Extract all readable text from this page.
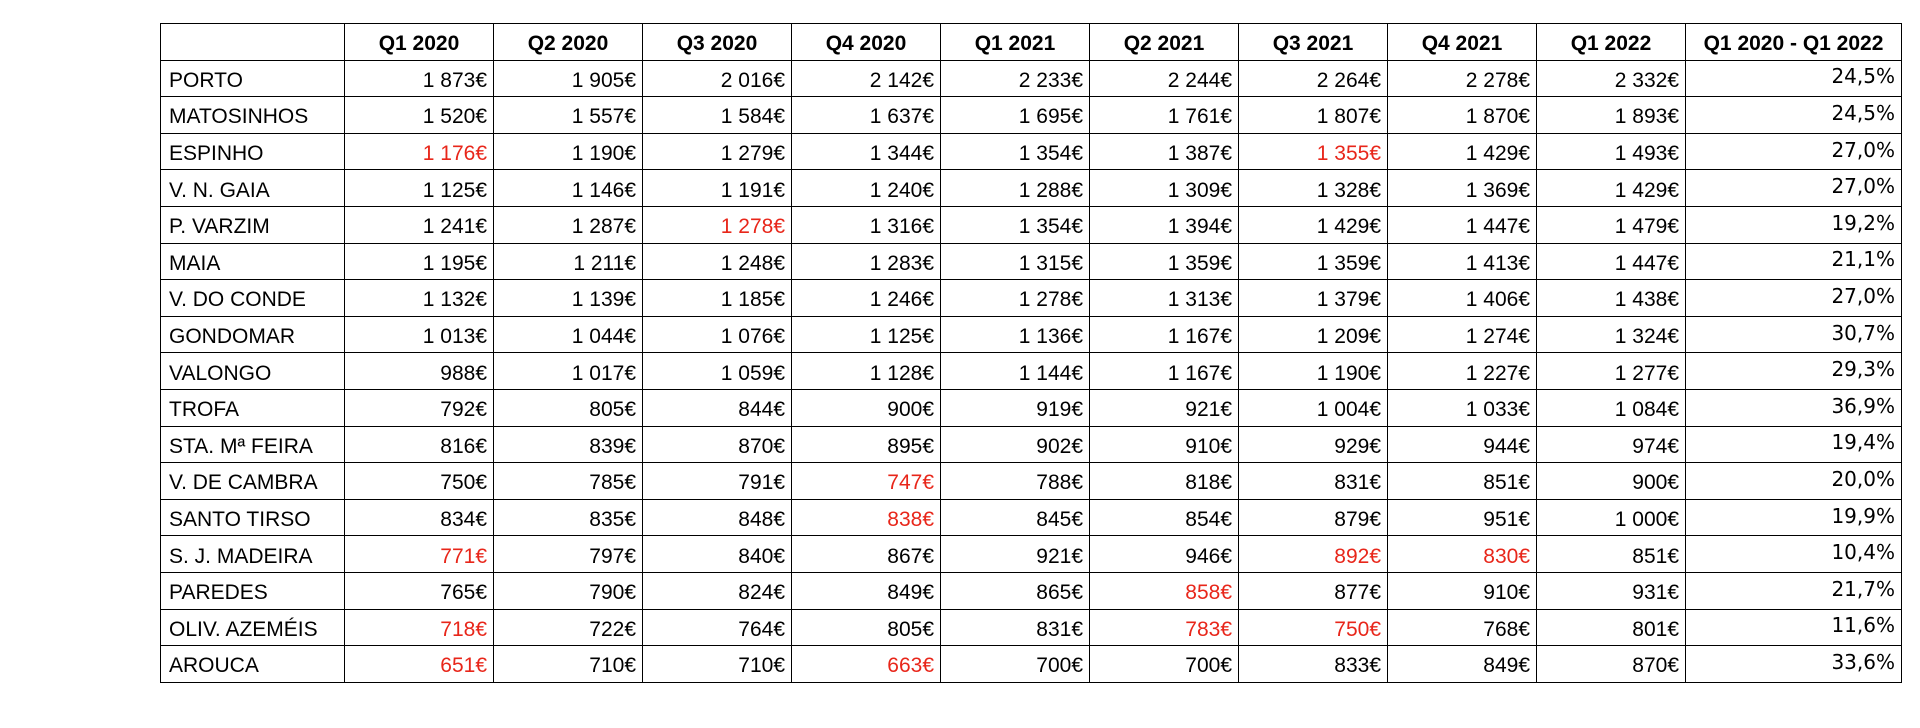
	Q1 2020	Q2 2020	Q3 2020	Q4 2020	Q1 2021	Q2 2021	Q3 2021	Q4 2021	Q1 2022	Q1 2020 - Q1 2022
PORTO	1 873€	1 905€	2 016€	2 142€	2 233€	2 244€	2 264€	2 278€	2 332€	24,5%
MATOSINHOS	1 520€	1 557€	1 584€	1 637€	1 695€	1 761€	1 807€	1 870€	1 893€	24,5%
ESPINHO	1 176€	1 190€	1 279€	1 344€	1 354€	1 387€	1 355€	1 429€	1 493€	27,0%
V. N. GAIA	1 125€	1 146€	1 191€	1 240€	1 288€	1 309€	1 328€	1 369€	1 429€	27,0%
P. VARZIM	1 241€	1 287€	1 278€	1 316€	1 354€	1 394€	1 429€	1 447€	1 479€	19,2%
MAIA	1 195€	1 211€	1 248€	1 283€	1 315€	1 359€	1 359€	1 413€	1 447€	21,1%
V. DO CONDE	1 132€	1 139€	1 185€	1 246€	1 278€	1 313€	1 379€	1 406€	1 438€	27,0%
GONDOMAR	1 013€	1 044€	1 076€	1 125€	1 136€	1 167€	1 209€	1 274€	1 324€	30,7%
VALONGO	988€	1 017€	1 059€	1 128€	1 144€	1 167€	1 190€	1 227€	1 277€	29,3%
TROFA	792€	805€	844€	900€	919€	921€	1 004€	1 033€	1 084€	36,9%
STA. Mª FEIRA	816€	839€	870€	895€	902€	910€	929€	944€	974€	19,4%
V. DE CAMBRA	750€	785€	791€	747€	788€	818€	831€	851€	900€	20,0%
SANTO TIRSO	834€	835€	848€	838€	845€	854€	879€	951€	1 000€	19,9%
S. J. MADEIRA	771€	797€	840€	867€	921€	946€	892€	830€	851€	10,4%
PAREDES	765€	790€	824€	849€	865€	858€	877€	910€	931€	21,7%
OLIV. AZEMÉIS	718€	722€	764€	805€	831€	783€	750€	768€	801€	11,6%
AROUCA	651€	710€	710€	663€	700€	700€	833€	849€	870€	33,6%
